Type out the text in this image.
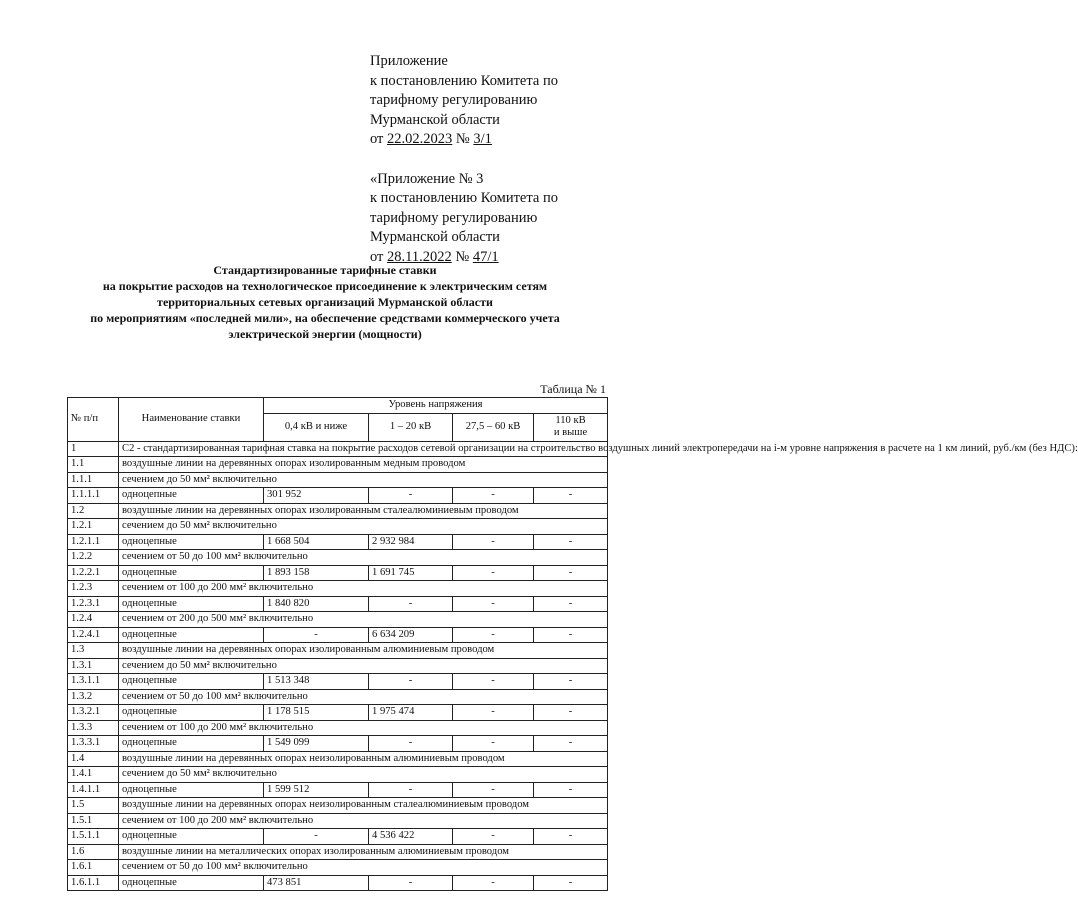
Приложение
к постановлению Комитета по
тарифному регулированию
Мурманской области
от 22.02.2023 № 3/1
«Приложение № 3
к постановлению Комитета по
тарифному регулированию
Мурманской области
от 28.11.2022 № 47/1
Стандартизированные тарифные ставки
на покрытие расходов на технологическое присоединение к электрическим сетям
территориальных сетевых организаций Мурманской области
по мероприятиям «последней мили», на обеспечение средствами коммерческого учета
электрической энергии (мощности)
Таблица № 1
№ п/п	Наименование ставки	Уровень напряжения			
		0,4 кВ и ниже	1 – 20 кВ	27,5 – 60 кВ	110 кВ
и выше
1	С2 - стандартизированная тарифная ставка на покрытие расходов сетевой организации на строительство воздушных линий электропередачи на i-м уровне напряжения в расчете на 1 км линий, руб./км (без НДС):				
1.1	воздушные линии на деревянных опорах изолированным медным проводом				
1.1.1	сечением до 50 мм² включительно				
1.1.1.1	одноцепные	301 952	-	-	-
1.2	воздушные линии на деревянных опорах изолированным сталеалюминиевым проводом				
1.2.1	сечением до 50 мм² включительно				
1.2.1.1	одноцепные	1 668 504	2 932 984	-	-
1.2.2	сечением от 50 до 100 мм² включительно				
1.2.2.1	одноцепные	1 893 158	1 691 745	-	-
1.2.3	сечением от 100 до 200 мм² включительно				
1.2.3.1	одноцепные	1 840 820	-	-	-
1.2.4	сечением от 200 до 500 мм² включительно				
1.2.4.1	одноцепные	-	6 634 209	-	-
1.3	воздушные линии на деревянных опорах изолированным алюминиевым проводом				
1.3.1	сечением до 50 мм² включительно				
1.3.1.1	одноцепные	1 513 348	-	-	-
1.3.2	сечением от 50 до 100 мм² включительно				
1.3.2.1	одноцепные	1 178 515	1 975 474	-	-
1.3.3	сечением от 100 до 200 мм² включительно				
1.3.3.1	одноцепные	1 549 099	-	-	-
1.4	воздушные линии на деревянных опорах неизолированным алюминиевым проводом				
1.4.1	сечением до 50 мм² включительно				
1.4.1.1	одноцепные	1 599 512	-	-	-
1.5	воздушные линии на деревянных опорах неизолированным сталеалюминиевым проводом				
1.5.1	сечением от 100 до 200 мм² включительно				
1.5.1.1	одноцепные	-	4 536 422	-	-
1.6	воздушные линии на металлических опорах изолированным алюминиевым проводом				
1.6.1	сечением от 50 до 100 мм² включительно				
1.6.1.1	одноцепные	473 851	-	-	-
